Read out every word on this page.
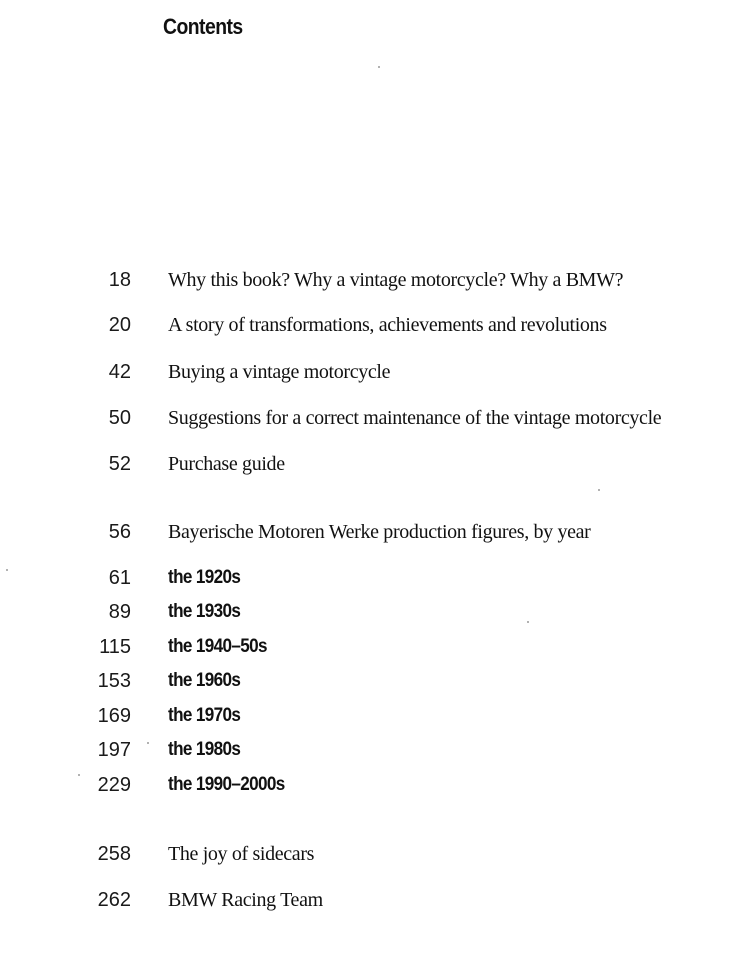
Contents
18 Why this book? Why a vintage motorcycle? Why a BMW?
20 A story of transformations, achievements and revolutions
42 Buying a vintage motorcycle
50 Suggestions for a correct maintenance of the vintage motorcycle
52 Purchase guide
56 Bayerische Motoren Werke production figures, by year
61 the 1920s
89 the 1930s
115 the 1940–50s
153 the 1960s
169 the 1970s
197 the 1980s
229 the 1990–2000s
258 The joy of sidecars
262 BMW Racing Team
